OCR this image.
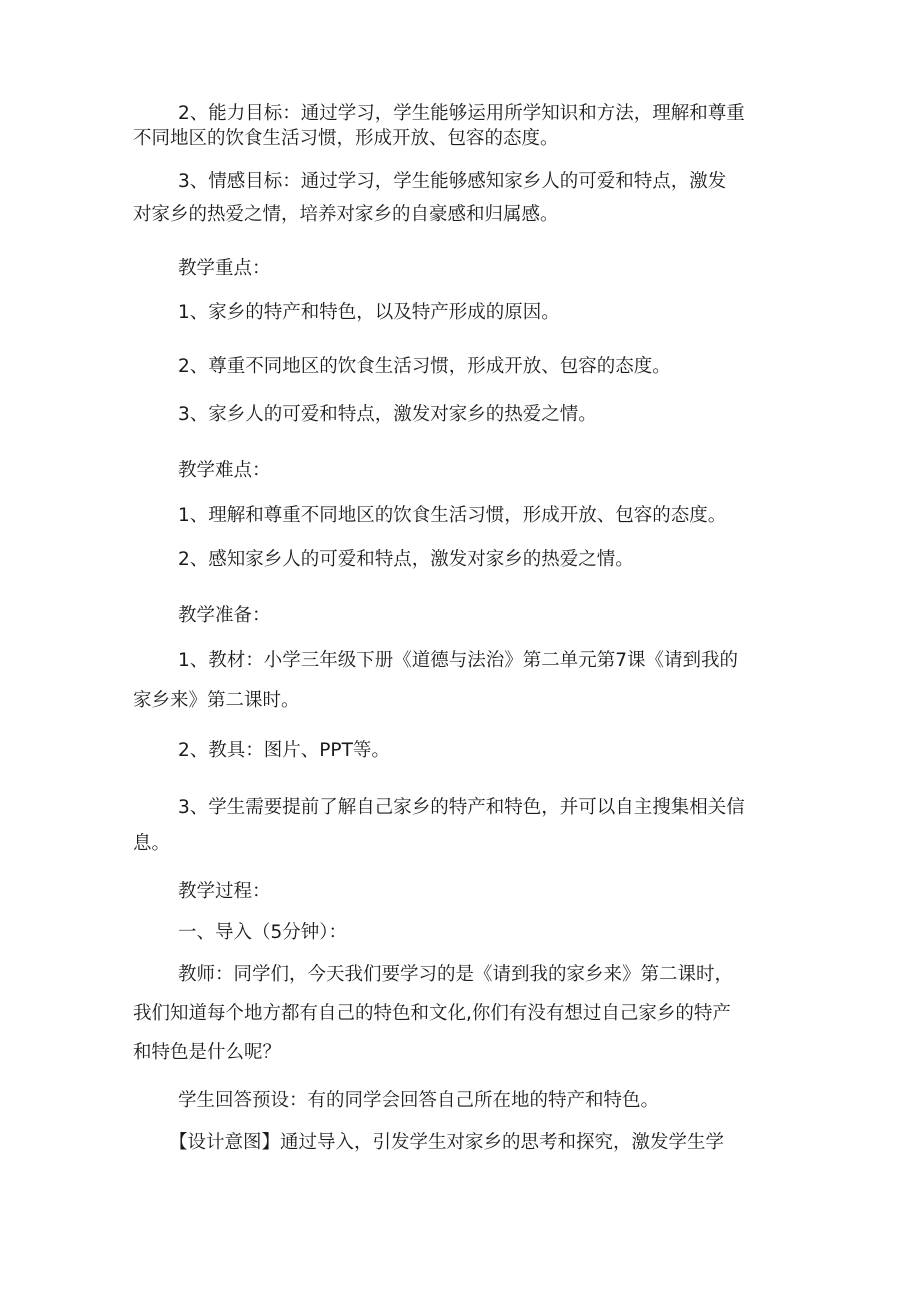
2、能力目标：通过学习，学生能够运用所学知识和方法，理解和尊重
不同地区的饮食生活习惯，形成开放、包容的态度。

3、情感目标：通过学习，学生能够感知家乡人的可爱和特点，激发
对家乡的热爱之情，培养对家乡的自豪感和归属感。

教学重点：

1、家乡的特产和特色，以及特产形成的原因。

2、尊重不同地区的饮食生活习惯，形成开放、包容的态度。

3、家乡人的可爱和特点，激发对家乡的热爱之情。

教学难点：

1、理解和尊重不同地区的饮食生活习惯，形成开放、包容的态度。

2、感知家乡人的可爱和特点，激发对家乡的热爱之情。

教学准备：

1、教材：小学三年级下册《道德与法治》第二单元第7课《请到我的
家乡来》第二课时。

2、教具：图片、PPT等。

3、学生需要提前了解自己家乡的特产和特色，并可以自主搜集相关信
息。

教学过程：

一、导入（5分钟）：

教师：同学们，今天我们要学习的是《请到我的家乡来》第二课时，
我们知道每个地方都有自己的特色和文化,你们有没有想过自己家乡的特产
和特色是什么呢？

学生回答预设：有的同学会回答自己所在地的特产和特色。

【设计意图】通过导入，引发学生对家乡的思考和探究，激发学生学
